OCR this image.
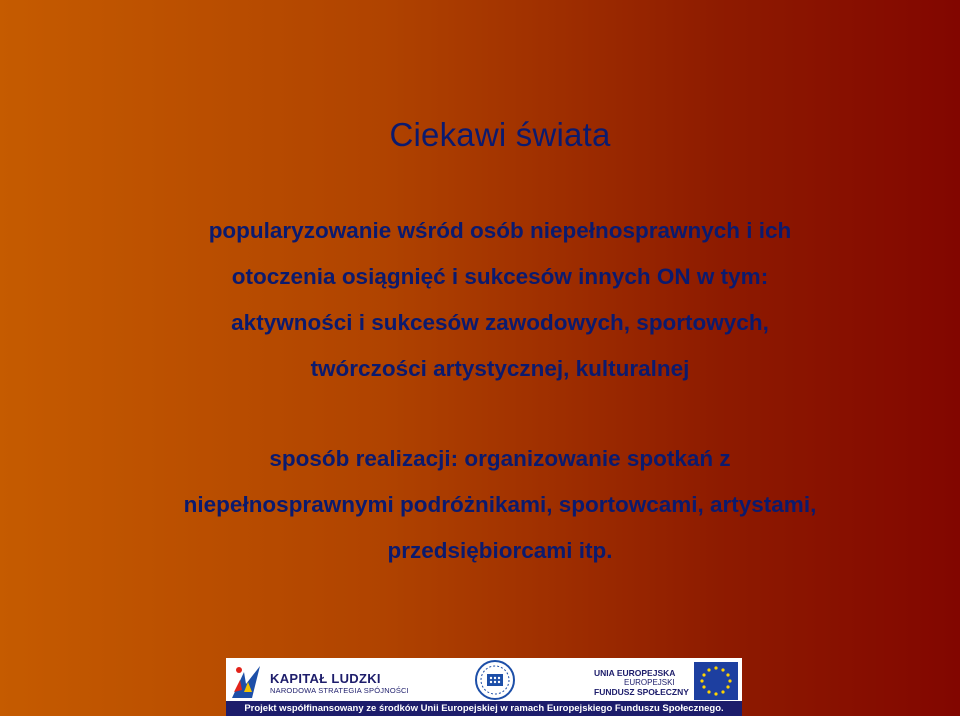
Ciekawi świata
popularyzowanie wśród osób niepełnosprawnych i ich
otoczenia osiągnięć i sukcesów innych ON w tym:
aktywności i sukcesów zawodowych, sportowych,
twórczości artystycznej, kulturalnej
sposób realizacji: organizowanie spotkań z
niepełnosprawnymi podróżnikami, sportowcami, artystami,
przedsiębiorcami itp.
KAPITAŁ LUDZKI
NARODOWA STRATEGIA SPÓJNOŚCI
UNIA EUROPEJSKA
EUROPEJSKI
FUNDUSZ SPOŁECZNY
Projekt współfinansowany ze środków Unii Europejskiej w ramach Europejskiego Funduszu Społecznego.
